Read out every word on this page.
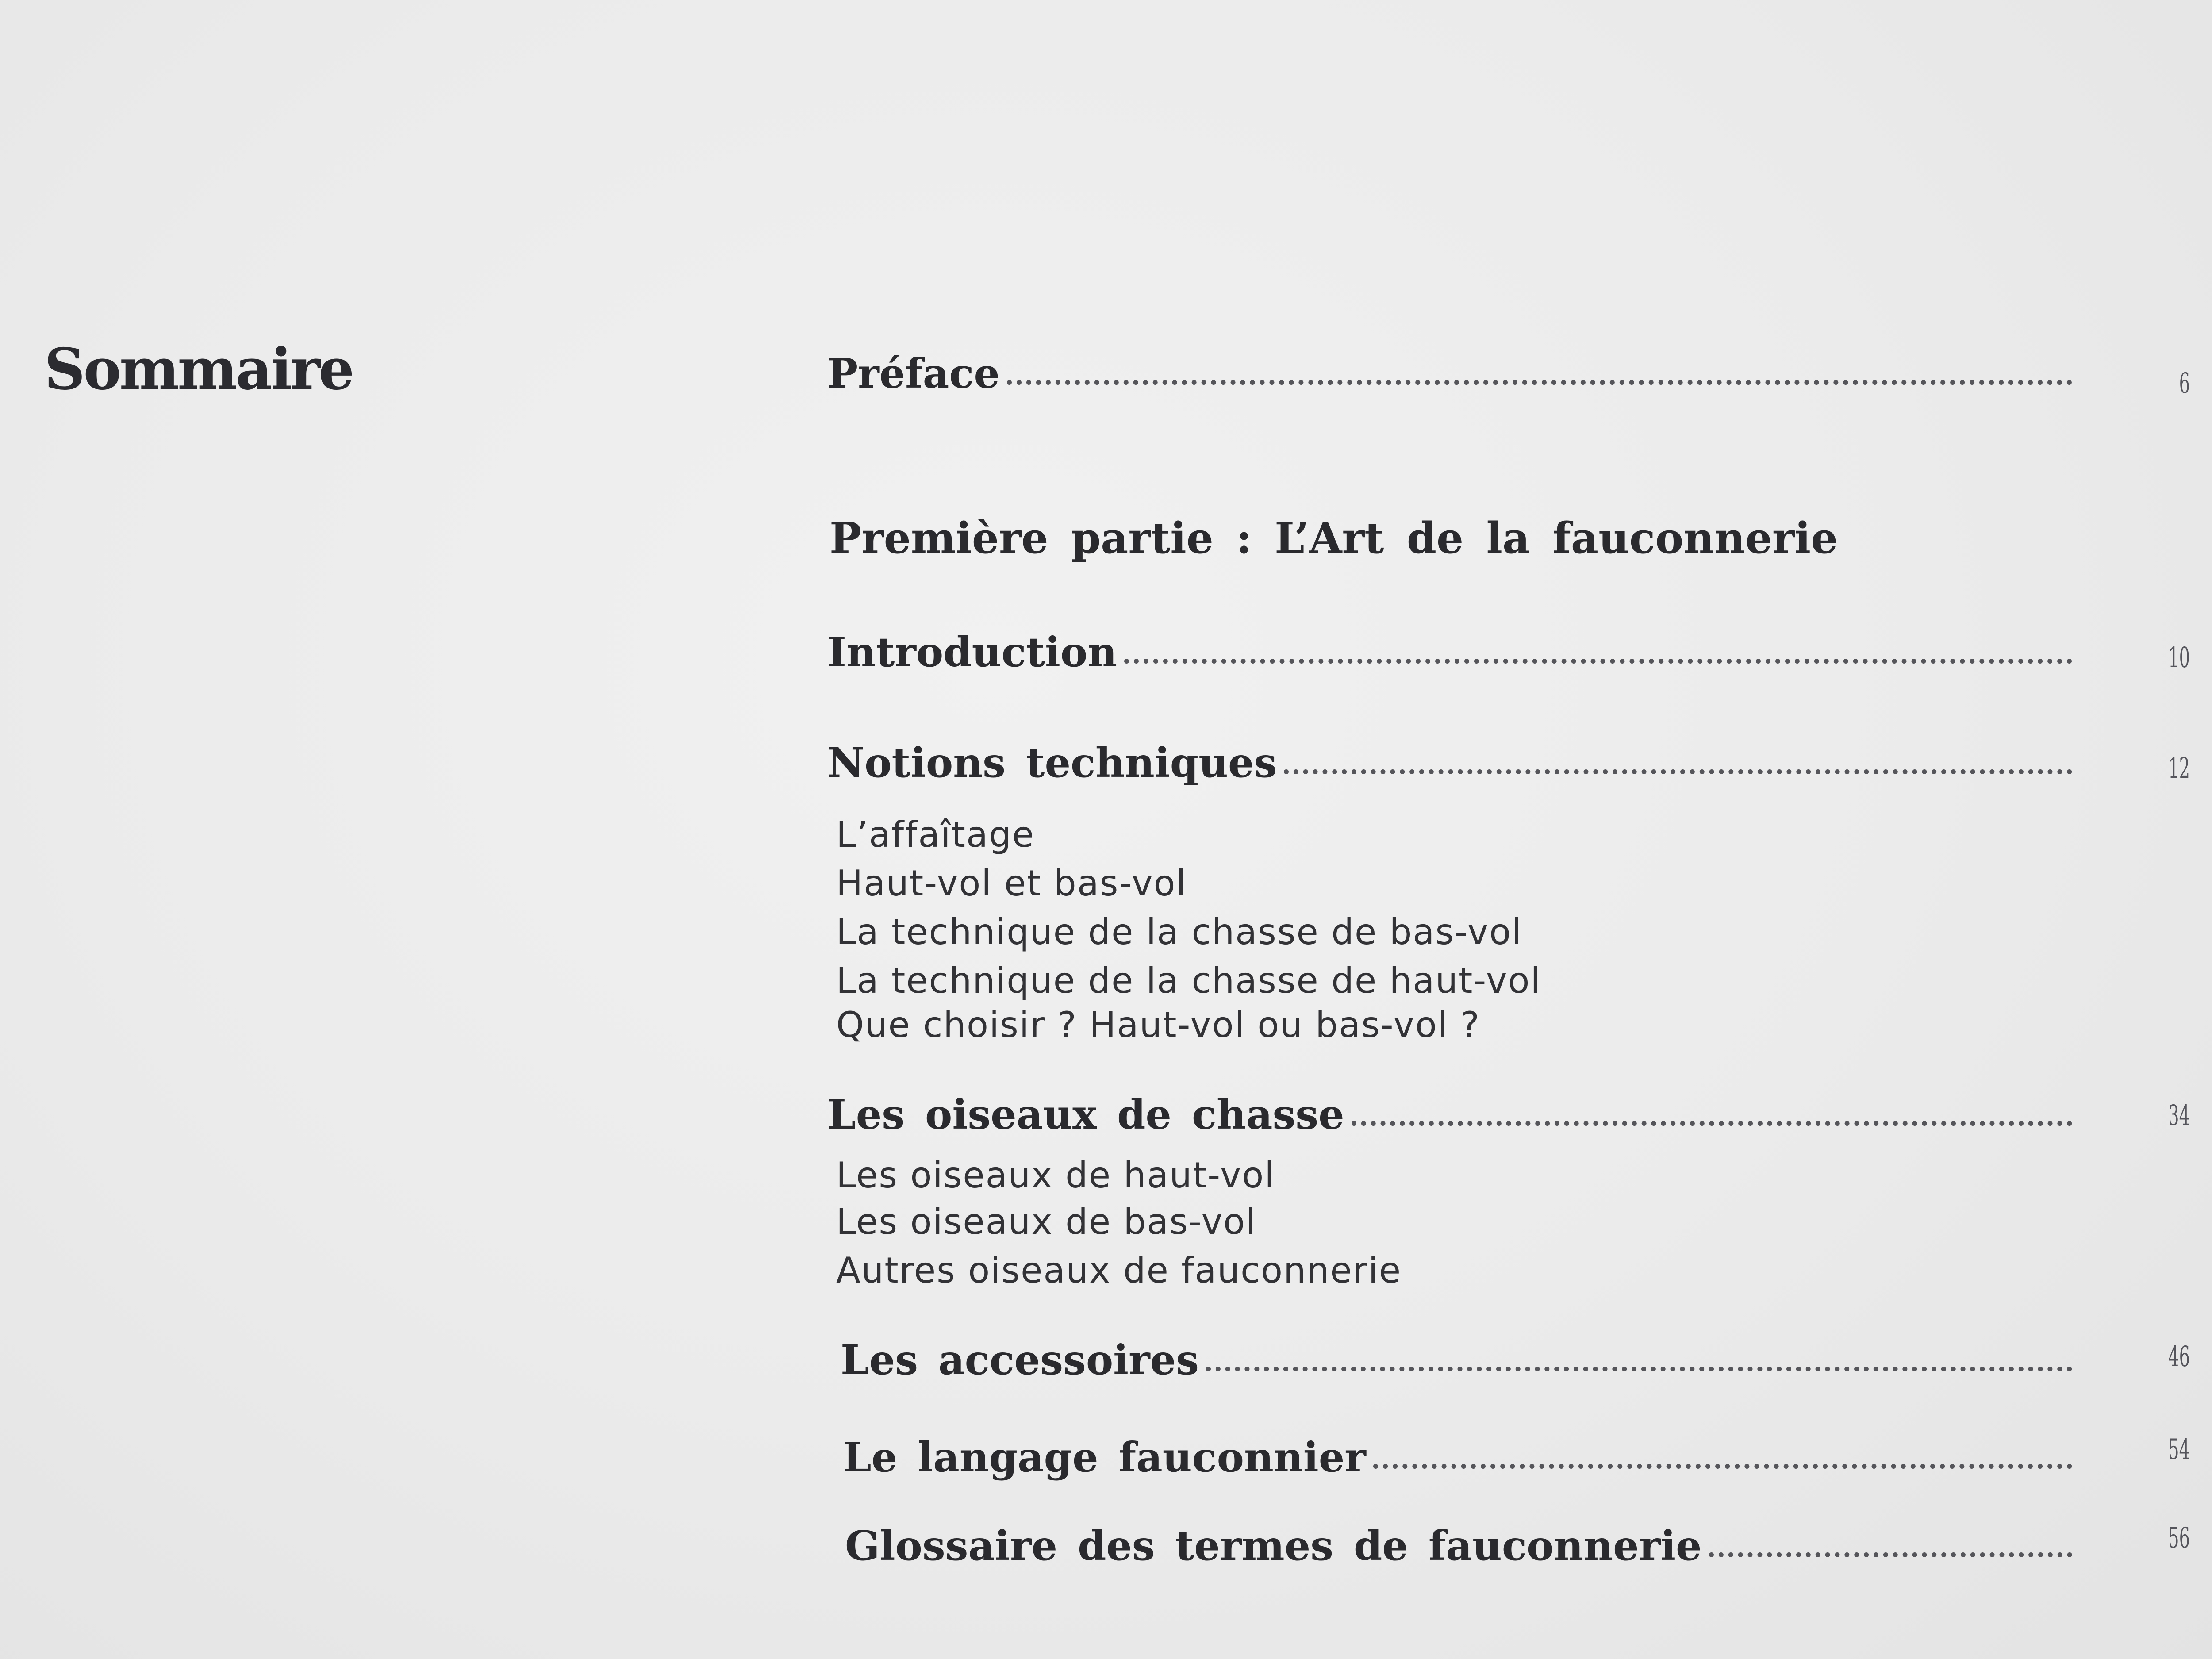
Sommaire	Préface	6
Première partie : L’Art de la fauconnerie
Introduction	10
Notions techniques	12
L’affaîtage
Haut-vol et bas-vol
La technique de la chasse de bas-vol
La technique de la chasse de haut-vol
Que choisir ? Haut-vol ou bas-vol ?
Les oiseaux de chasse	34
Les oiseaux de haut-vol
Les oiseaux de bas-vol
Autres oiseaux de fauconnerie
Les accessoires	46
Le langage fauconnier	54
Glossaire des termes de fauconnerie	56
